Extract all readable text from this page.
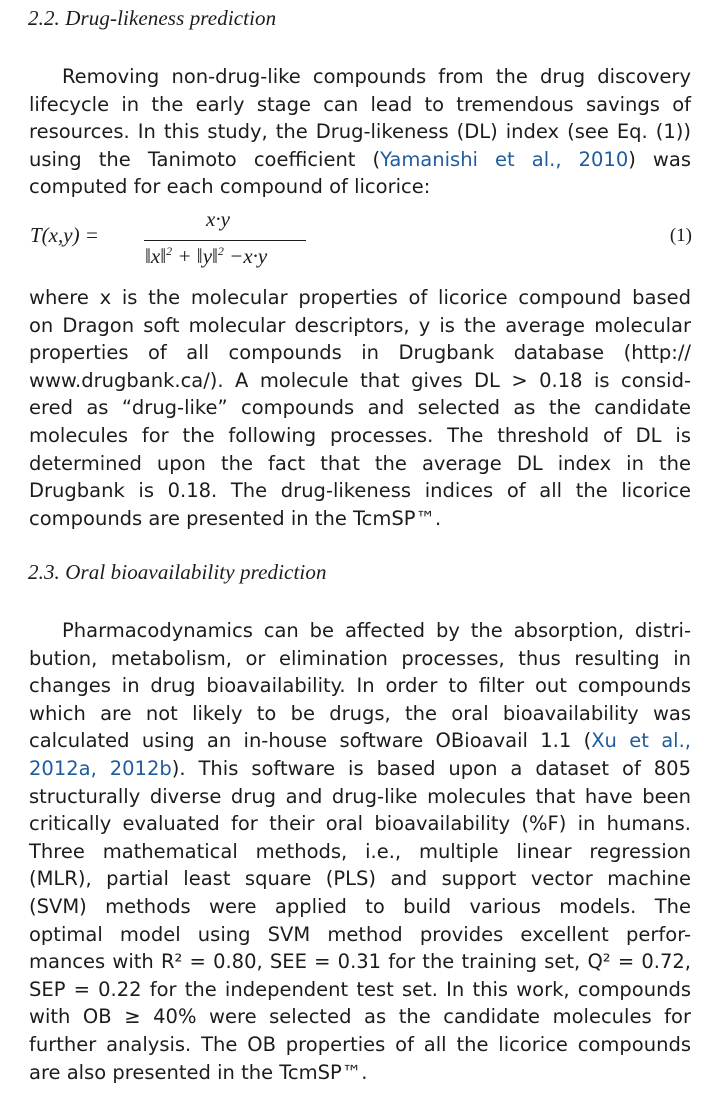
2.2. Drug-likeness prediction
Removing non-drug-like compounds from the drug discovery
lifecycle in the early stage can lead to tremendous savings of
resources. In this study, the Drug-likeness (DL) index (see Eq. (1))
using the Tanimoto coefficient (Yamanishi et al., 2010) was
computed for each compound of licorice:
T(x,y) =
x·y
‖x‖$^2$ + ‖y‖$^2$ −x·y
(1)
where x is the molecular properties of licorice compound based
on Dragon soft molecular descriptors, y is the average molecular
properties of all compounds in Drugbank database (http://
www.drugbank.ca/). A molecule that gives DL > 0.18 is consid-
ered as “drug-like” compounds and selected as the candidate
molecules for the following processes. The threshold of DL is
determined upon the fact that the average DL index in the
Drugbank is 0.18. The drug-likeness indices of all the licorice
compounds are presented in the TcmSP™.
2.3. Oral bioavailability prediction
Pharmacodynamics can be affected by the absorption, distri-
bution, metabolism, or elimination processes, thus resulting in
changes in drug bioavailability. In order to filter out compounds
which are not likely to be drugs, the oral bioavailability was
calculated using an in-house software OBioavail 1.1 (Xu et al.,
2012a, 2012b). This software is based upon a dataset of 805
structurally diverse drug and drug-like molecules that have been
critically evaluated for their oral bioavailability (%F) in humans.
Three mathematical methods, i.e., multiple linear regression
(MLR), partial least square (PLS) and support vector machine
(SVM) methods were applied to build various models. The
optimal model using SVM method provides excellent perfor-
mances with R² = 0.80, SEE = 0.31 for the training set, Q² = 0.72,
SEP = 0.22 for the independent test set. In this work, compounds
with OB ≥ 40% were selected as the candidate molecules for
further analysis. The OB properties of all the licorice compounds
are also presented in the TcmSP™.
